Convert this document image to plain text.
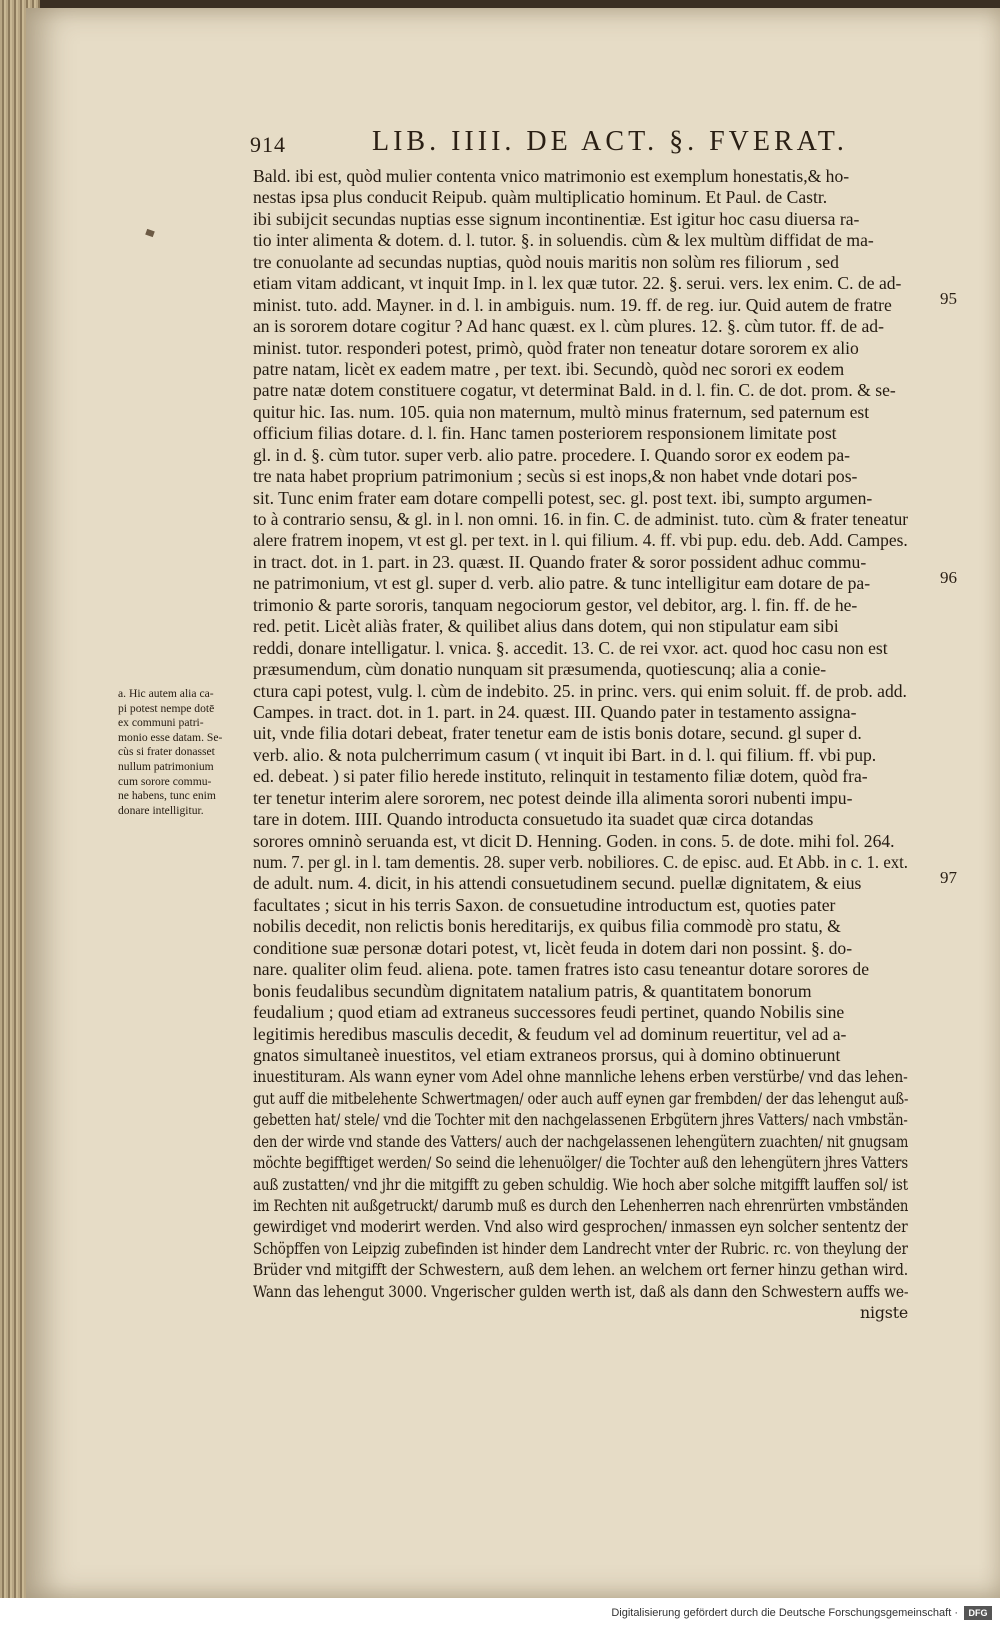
914	LIB. IIII. DE ACT. §. FVERAT.
Bald. ibi est, quòd mulier contenta vnico matrimonio est exemplum honestatis,& ho-
nestas ipsa plus conducit Reipub. quàm multiplicatio hominum. Et Paul. de Castr.
ibi subijcit secundas nuptias esse signum incontinentiæ. Est igitur hoc casu diuersa ra-
tio inter alimenta & dotem. d. l. tutor. §. in soluendis. cùm & lex multùm diffidat de ma-
tre conuolante ad secundas nuptias, quòd nouis maritis non solùm res filiorum , sed
etiam vitam addicant, vt inquit Imp. in l. lex quæ tutor. 22. §. serui. vers. lex enim. C. de ad-
minist. tuto. add. Mayner. in d. l. in ambiguis. num. 19. ff. de reg. iur. Quid autem de fratre
an is sororem dotare cogitur ? Ad hanc quæst. ex l. cùm plures. 12. §. cùm tutor. ff. de ad-
minist. tutor. responderi potest, primò, quòd frater non teneatur dotare sororem ex alio
patre natam, licèt ex eadem matre , per text. ibi. Secundò, quòd nec sorori ex eodem
patre natæ dotem constituere cogatur, vt determinat Bald. in d. l. fin. C. de dot. prom. & se-
quitur hic. Ias. num. 105. quia non maternum, multò minus fraternum, sed paternum est
officium filias dotare. d. l. fin. Hanc tamen posteriorem responsionem limitate post
gl. in d. §. cùm tutor. super verb. alio patre. procedere. I. Quando soror ex eodem pa-
tre nata habet proprium patrimonium ; secùs si est inops,& non habet vnde dotari pos-
sit. Tunc enim frater eam dotare compelli potest, sec. gl. post text. ibi, sumpto argumen-
to à contrario sensu, & gl. in l. non omni. 16. in fin. C. de administ. tuto. cùm & frater teneatur
alere fratrem inopem, vt est gl. per text. in l. qui filium. 4. ff. vbi pup. edu. deb. Add. Campes.
in tract. dot. in 1. part. in 23. quæst. II. Quando frater & soror possident adhuc commu-
ne patrimonium, vt est gl. super d. verb. alio patre. & tunc intelligitur eam dotare de pa-
trimonio & parte sororis, tanquam negociorum gestor, vel debitor, arg. l. fin. ff. de he-
red. petit. Licèt aliàs frater, & quilibet alius dans dotem, qui non stipulatur eam sibi
reddi, donare intelligatur. l. vnica. §. accedit. 13. C. de rei vxor. act. quod hoc casu non est
præsumendum, cùm donatio nunquam sit præsumenda, quotiescunq; alia a conie-
ctura capi potest, vulg. l. cùm de indebito. 25. in princ. vers. qui enim soluit. ff. de prob. add.
Campes. in tract. dot. in 1. part. in 24. quæst. III. Quando pater in testamento assigna-
uit, vnde filia dotari debeat, frater tenetur eam de istis bonis dotare, secund. gl super d.
verb. alio. & nota pulcherrimum casum ( vt inquit ibi Bart. in d. l. qui filium. ff. vbi pup.
ed. debeat. ) si pater filio herede instituto, relinquit in testamento filiæ dotem, quòd fra-
ter tenetur interim alere sororem, nec potest deinde illa alimenta sorori nubenti impu-
tare in dotem. IIII. Quando introducta consuetudo ita suadet quæ circa dotandas
sorores omninò seruanda est, vt dicit D. Henning. Goden. in cons. 5. de dote. mihi fol. 264.
num. 7. per gl. in l. tam dementis. 28. super verb. nobiliores. C. de episc. aud. Et Abb. in c. 1. ext.
de adult. num. 4. dicit, in his attendi consuetudinem secund. puellæ dignitatem, & eius
facultates ; sicut in his terris Saxon. de consuetudine introductum est, quoties pater
nobilis decedit, non relictis bonis hereditarijs, ex quibus filia commodè pro statu, &
conditione suæ personæ dotari potest, vt, licèt feuda in dotem dari non possint. §. do-
nare. qualiter olim feud. aliena. pote. tamen fratres isto casu teneantur dotare sorores de
bonis feudalibus secundùm dignitatem natalium patris, & quantitatem bonorum
feudalium ; quod etiam ad extraneus successores feudi pertinet, quando Nobilis sine
legitimis heredibus masculis decedit, & feudum vel ad dominum reuertitur, vel ad a-
gnatos simultaneè inuestitos, vel etiam extraneos prorsus, qui à domino obtinuerunt
inuestituram. Als wann eyner vom Adel ohne mannliche lehens erben verstürbe/ vnd das lehen-
gut auff die mitbelehente Schwertmagen/ oder auch auff eynen gar frembden/ der das lehengut auß-
gebetten hat/ stele/ vnd die Tochter mit den nachgelassenen Erbgütern jhres Vatters/ nach vmbstän-
den der wirde vnd stande des Vatters/ auch der nachgelassenen lehengütern zuachten/ nit gnugsam
möchte begifftiget werden/ So seind die lehenuölger/ die Tochter auß den lehengütern jhres Vatters
auß zustatten/ vnd jhr die mitgifft zu geben schuldig. Wie hoch aber solche mitgifft lauffen sol/ ist
im Rechten nit außgetruckt/ darumb muß es durch den Lehenherren nach ehrenrürten vmbständen
gewirdiget vnd moderirt werden. Vnd also wird gesprochen/ inmassen eyn solcher sententz der
Schöpffen von Leipzig zubefinden ist hinder dem Landrecht vnter der Rubric. rc. von theylung der
Brüder vnd mitgifft der Schwestern, auß dem lehen. an welchem ort ferner hinzu gethan wird.
Wann das lehengut 3000. Vngerischer gulden werth ist, daß als dann den Schwestern auffs we-
nigste
95
96
97
a. Hic autem alia ca-
pi potest nempe dotē
ex communi patri-
monio esse datam. Se-
cùs si frater donasset
nullum patrimonium
cum sorore commu-
ne habens, tunc enim
donare intelligitur.
Digitalisierung gefördert durch die Deutsche Forschungsgemeinschaft ·	DFG
